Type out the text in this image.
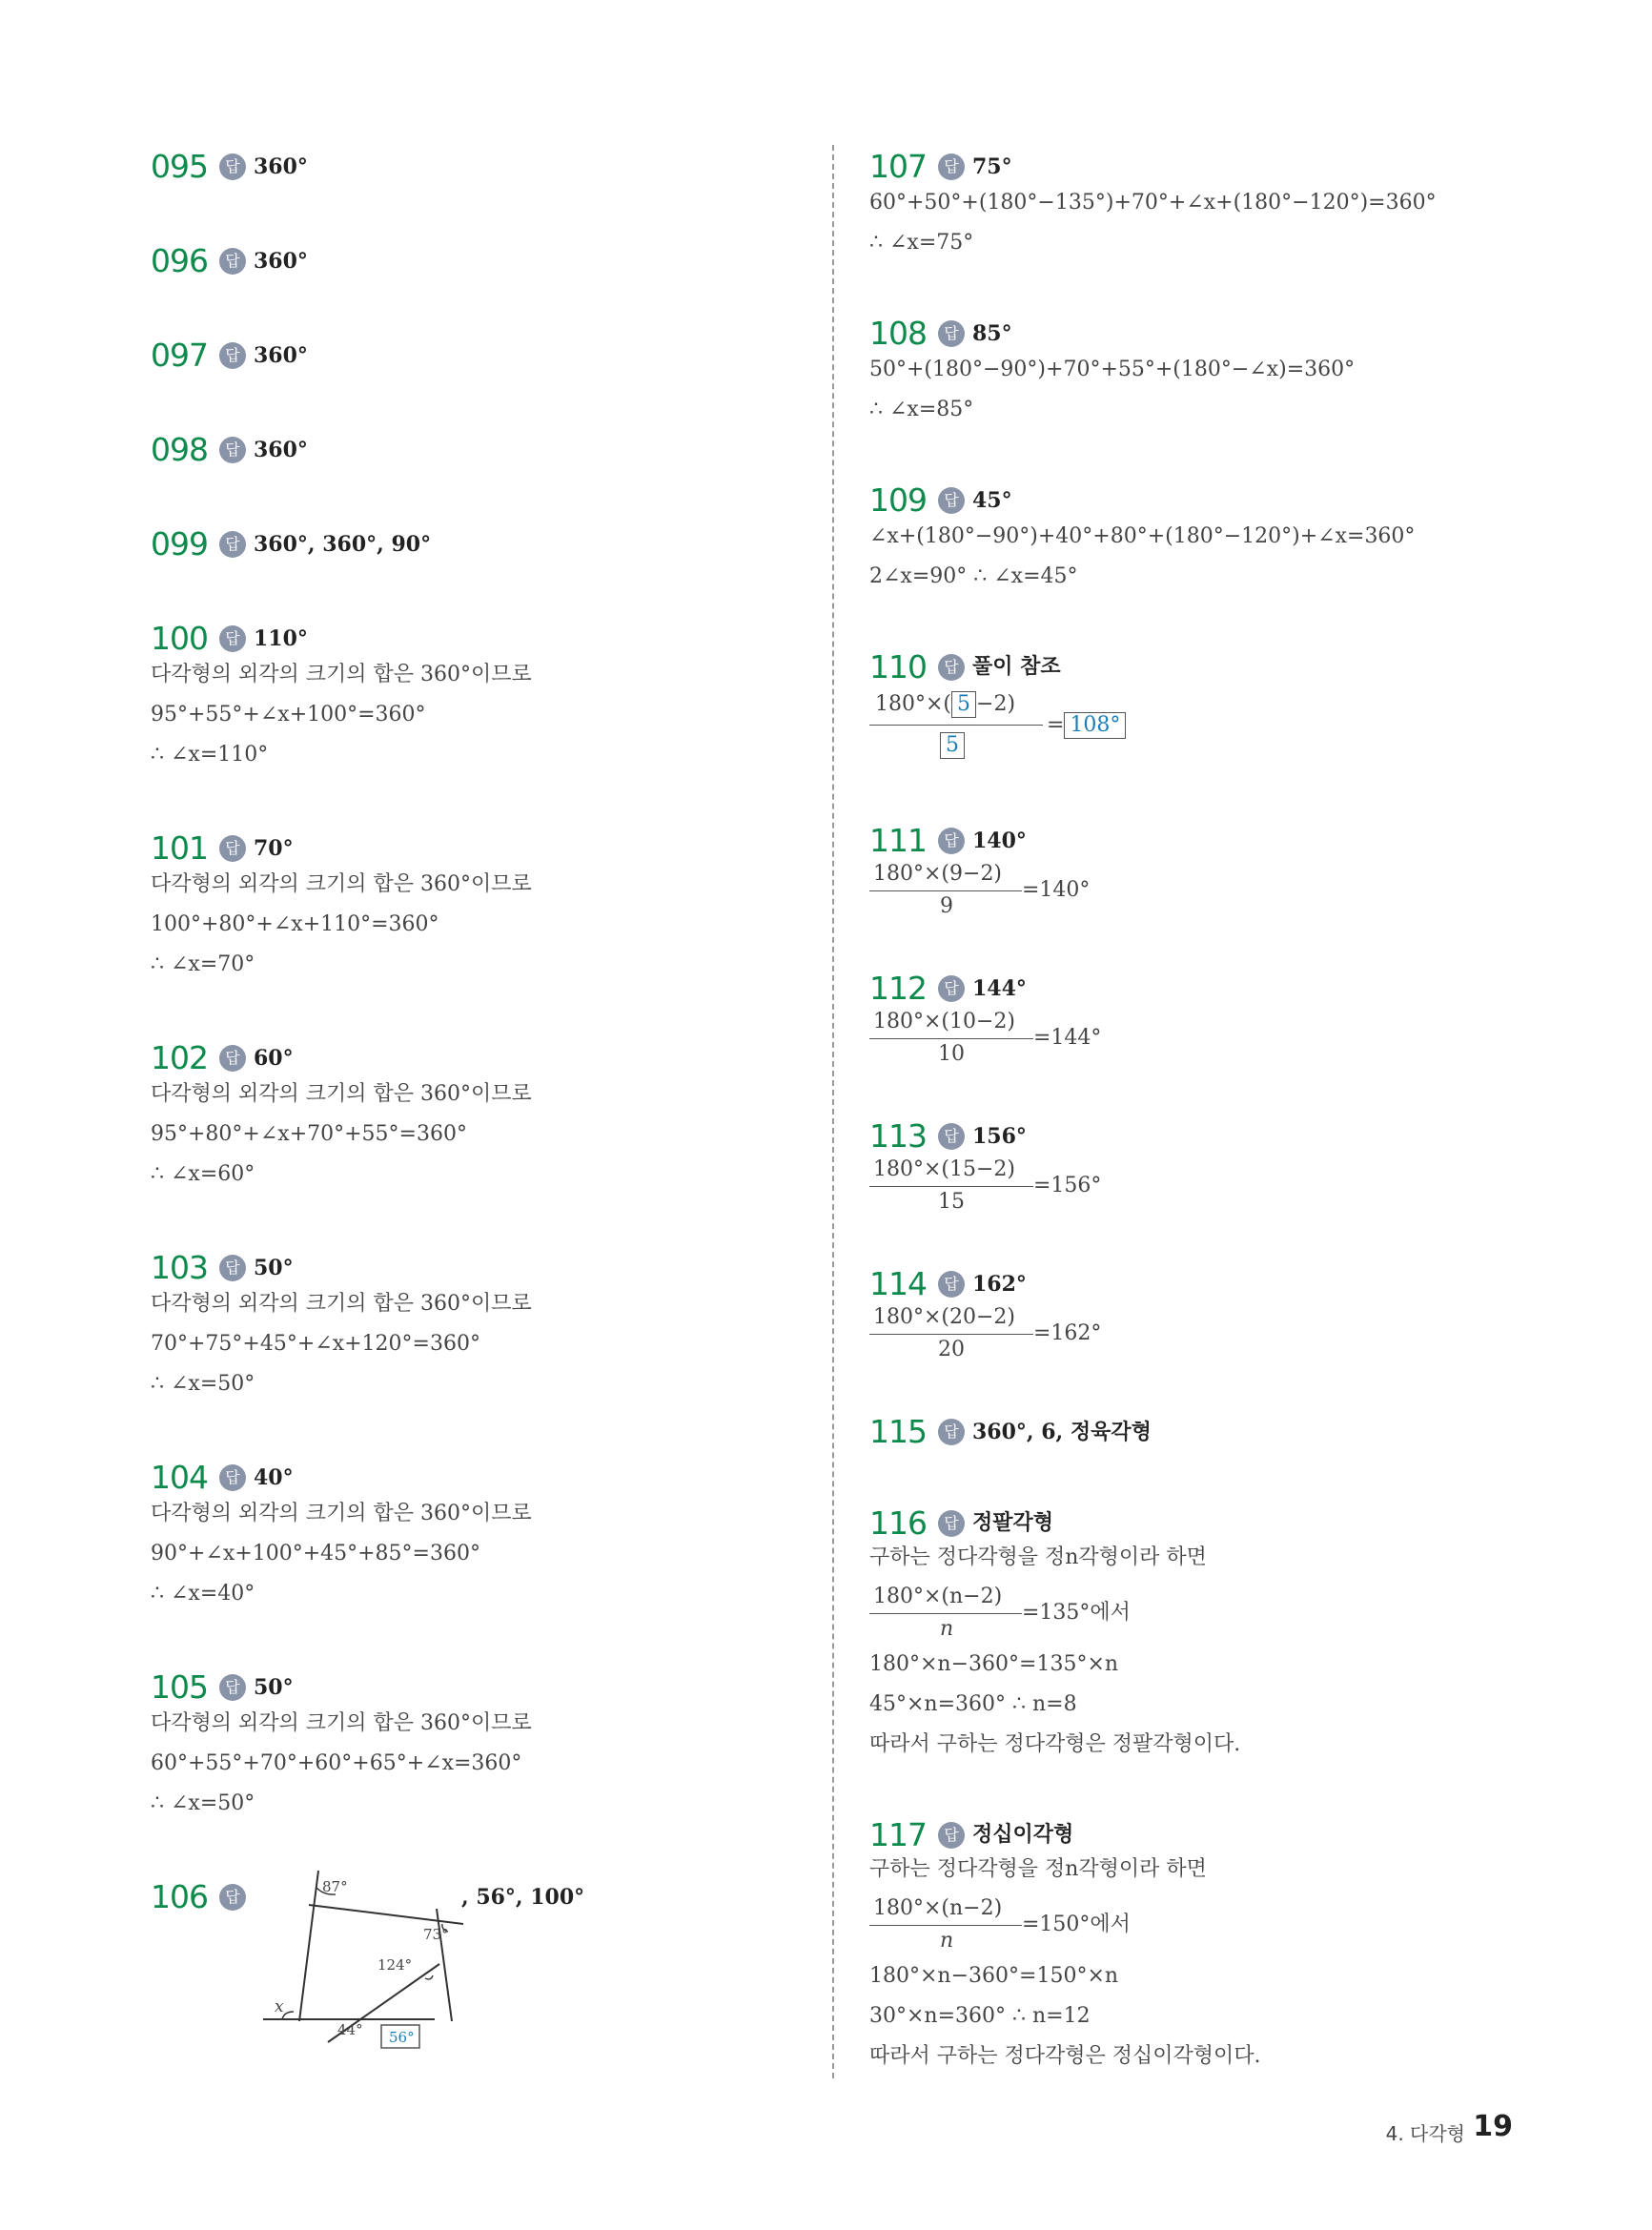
095	답 360°
096	답 360°
097	답 360°
098	답 360°
099	답 360°, 360°, 90°
100	답 110°
다각형의 외각의 크기의 합은 360°이므로
95°+55°+∠x+100°=360°
∴ ∠x=110°
101	답 70°
다각형의 외각의 크기의 합은 360°이므로
100°+80°+∠x+110°=360°
∴ ∠x=70°
102	답 60°
다각형의 외각의 크기의 합은 360°이므로
95°+80°+∠x+70°+55°=360°
∴ ∠x=60°
103	답 50°
다각형의 외각의 크기의 합은 360°이므로
70°+75°+45°+∠x+120°=360°
∴ ∠x=50°
104	답 40°
다각형의 외각의 크기의 합은 360°이므로
90°+∠x+100°+45°+85°=360°
∴ ∠x=40°
105	답 50°
다각형의 외각의 크기의 합은 360°이므로
60°+55°+70°+60°+65°+∠x=360°
∴ ∠x=50°
106	답
87°
73°
124°
x
44° 56°
, 56°, 100°
107	답 75°
60°+50°+(180°−135°)+70°+∠x+(180°−120°)=360°
∴ ∠x=75°
108	답 85°
50°+(180°−90°)+70°+55°+(180°−∠x)=360°
∴ ∠x=85°
109	답 45°
∠x+(180°−90°)+40°+80°+(180°−120°)+∠x=360°
2∠x=90° ∴ ∠x=45°
110	답 풀이 참조
180°×( 5 −2)
5
= 108°
111	답 140°
180°×(9−2)
9
=140°
112	답 144°
180°×(10−2)
10
=144°
113	답 156°
180°×(15−2)
15
=156°
114	답 162°
180°×(20−2)
20
=162°
115	답 360°, 6, 정육각형
116	답 정팔각형
구하는 정다각형을 정n각형이라 하면
180°×(n−2)
n
=135°에서
180°×n−360°=135°×n
45°×n=360° ∴ n=8
따라서 구하는 정다각형은 정팔각형이다.
117	답 정십이각형
구하는 정다각형을 정n각형이라 하면
180°×(n−2)
n
=150°에서
180°×n−360°=150°×n
30°×n=360° ∴ n=12
따라서 구하는 정다각형은 정십이각형이다.
4. 다각형 19
